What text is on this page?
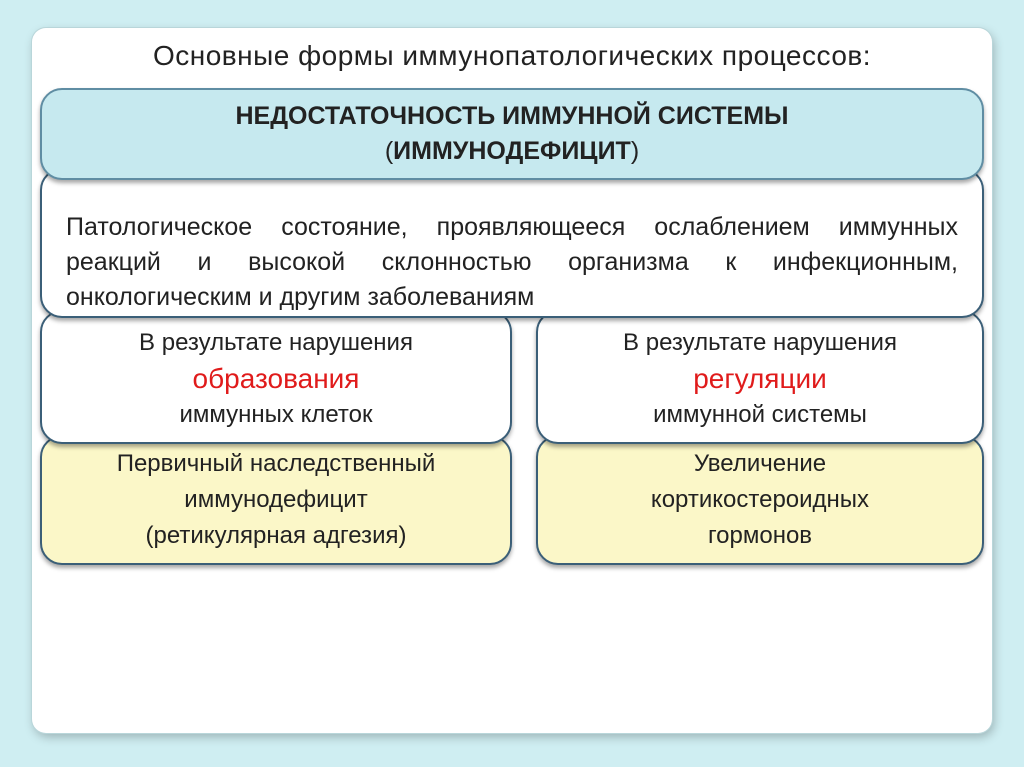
Основные формы иммунопатологических процессов:
НЕДОСТАТОЧНОСТЬ ИММУННОЙ СИСТЕМЫ
(ИММУНОДЕФИЦИТ)
Патологическое состояние, проявляющееся ослаблением иммунных реакций и высокой склонностью организма к инфекционным, онкологическим и другим заболеваниям
В результате нарушения
образования
иммунных клеток
В результате нарушения
регуляции
иммунной системы
Первичный наследственный
иммунодефицит
(ретикулярная адгезия)
Увеличение
кортикостероидных
гормонов
